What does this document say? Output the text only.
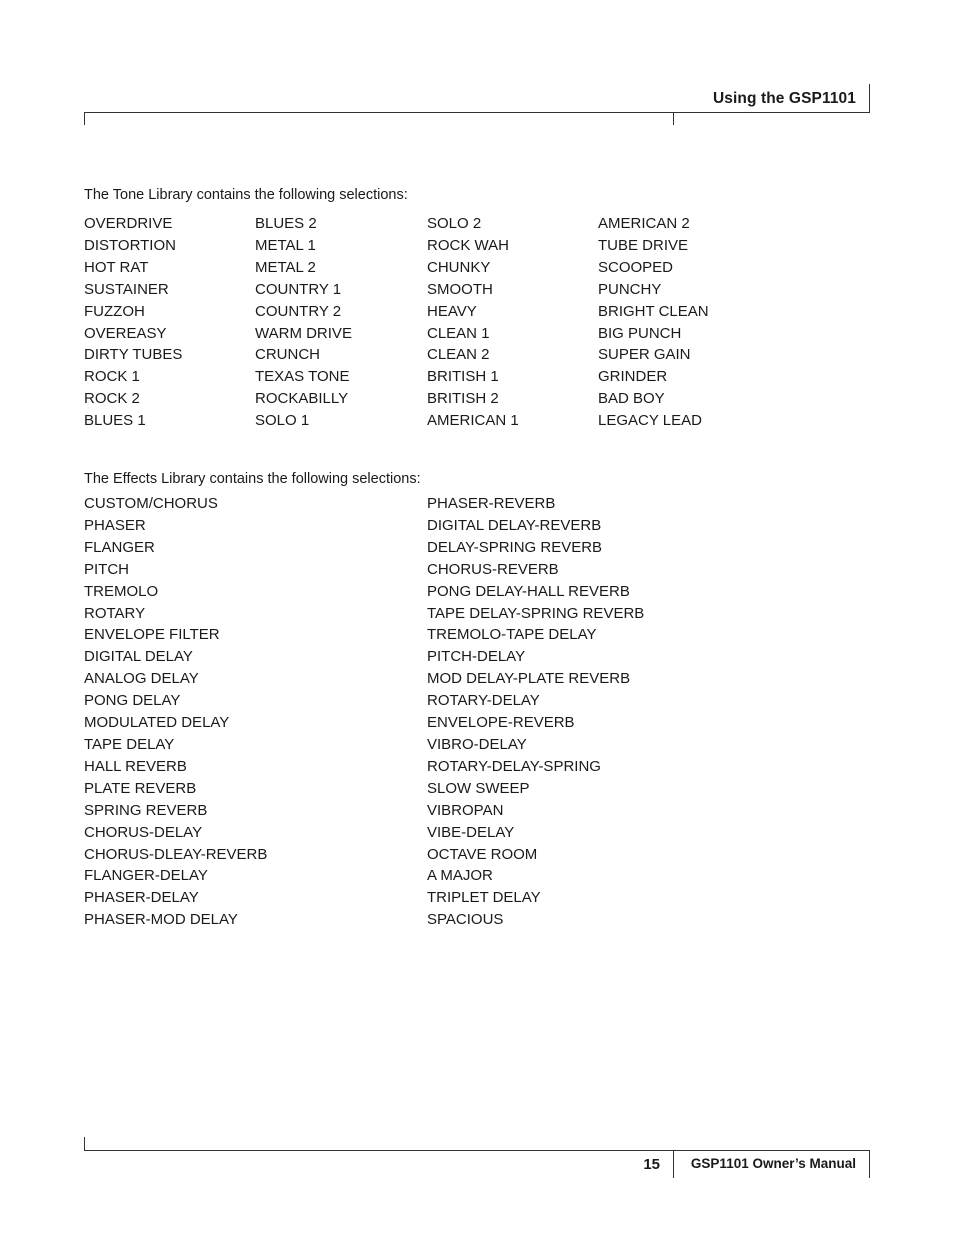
Using the GSP1101
The Tone Library contains the following selections:
OVERDRIVE
DISTORTION
HOT RAT
SUSTAINER
FUZZOH
OVEREASY
DIRTY TUBES
ROCK 1
ROCK 2
BLUES 1
BLUES 2
METAL 1
METAL 2
COUNTRY 1
COUNTRY 2
WARM DRIVE
CRUNCH
TEXAS TONE
ROCKABILLY
SOLO 1
SOLO 2
ROCK WAH
CHUNKY
SMOOTH
HEAVY
CLEAN 1
CLEAN 2
BRITISH 1
BRITISH 2
AMERICAN 1
AMERICAN 2
TUBE DRIVE
SCOOPED
PUNCHY
BRIGHT CLEAN
BIG PUNCH
SUPER GAIN
GRINDER
BAD BOY
LEGACY LEAD
The Effects Library contains the following selections:
CUSTOM/CHORUS
PHASER
FLANGER
PITCH
TREMOLO
ROTARY
ENVELOPE FILTER
DIGITAL DELAY
ANALOG DELAY
PONG DELAY
MODULATED DELAY
TAPE DELAY
HALL REVERB
PLATE REVERB
SPRING REVERB
CHORUS-DELAY
CHORUS-DLEAY-REVERB
FLANGER-DELAY
PHASER-DELAY
PHASER-MOD DELAY
PHASER-REVERB
DIGITAL DELAY-REVERB
DELAY-SPRING REVERB
CHORUS-REVERB
PONG DELAY-HALL REVERB
TAPE DELAY-SPRING REVERB
TREMOLO-TAPE DELAY
PITCH-DELAY
MOD DELAY-PLATE REVERB
ROTARY-DELAY
ENVELOPE-REVERB
VIBRO-DELAY
ROTARY-DELAY-SPRING
SLOW SWEEP
VIBROPAN
VIBE-DELAY
OCTAVE ROOM
A MAJOR
TRIPLET DELAY
SPACIOUS
15	GSP1101 Owner’s Manual
